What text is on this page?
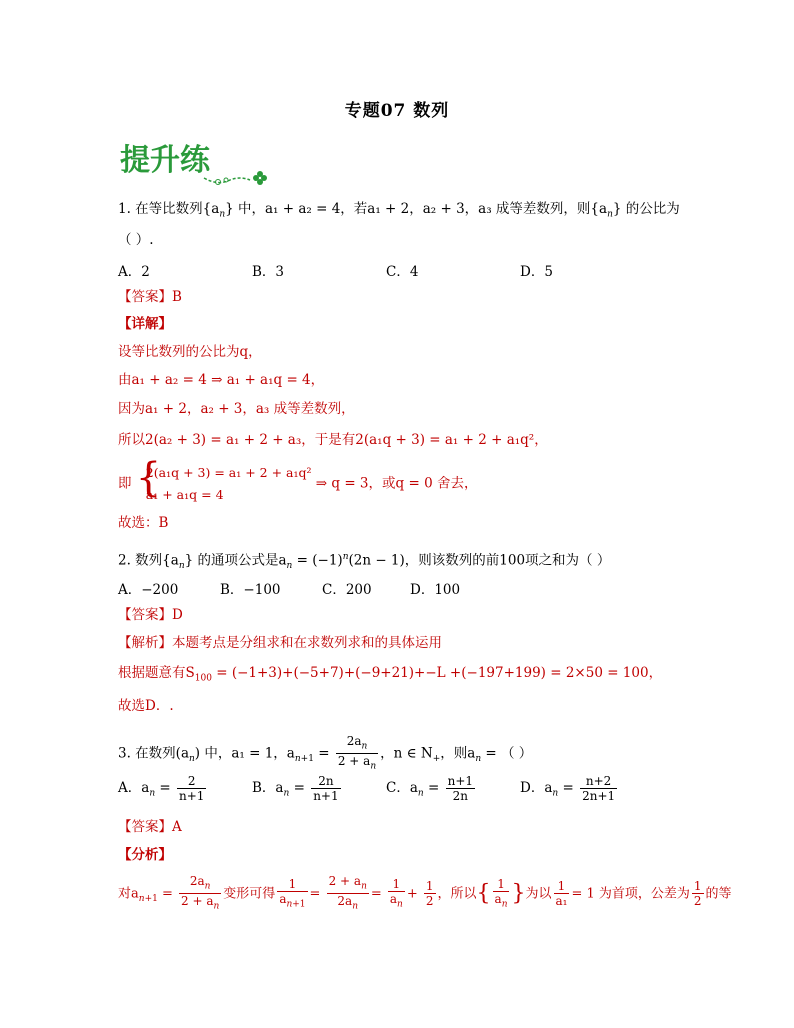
专题07 数列
提升练
1. 在等比数列$\{a_n\}$ 中，a₁ + a₂ = 4，若a₁ + 2，a₂ + 3，a₃ 成等差数列，则$\{a_n\}$ 的公比为
（ ）.
A．2	B．3	C．4	D．5
【答案】B
【详解】
设等比数列的公比为q，
由a₁ + a₂ = 4 ⇒ a₁ + a₁q = 4，
因为a₁ + 2，a₂ + 3，a₃ 成等差数列，
所以2(a₂ + 3) = a₁ + 2 + a₃，于是有2(a₁q + 3) = a₁ + 2 + a₁q²，
即 {
2(a₁q + 3) = a₁ + 2 + a₁q²
a₁ + a₁q = 4
⇒ q = 3，或q = 0 舍去，
故选：B
2. 数列$\{a_n\}$ 的通项公式是$a_n = (-1)^n(2n - 1)$，则该数列的前100项之和为（ ）
A．−200	B．−100	C．200	D．100
【答案】D
【解析】本题考点是分组求和在求数列求和的具体运用
根据题意有$S_{100} = (-1+3)+(-5+7)+(-9+21)+-L +(-197+199) = 2\times 50 = 100$，
故选D．.
3. 在数列$(a_n)$ 中，a₁ = 1，$a_{n+1} = \frac{2a_n}{2 + a_n}$ ，n ∈ $N_+$，则$a_n$ = （ ）
A．$a_n = \frac{2}{n+1}$	B．$a_n = \frac{2n}{n+1}$	C．$a_n = \frac{n+1}{2n}$	D．$a_n = \frac{n+2}{2n+1}$
【答案】A
【分析】
对$a_{n+1} = \frac{2a_n}{2 + a_n}$ 变形可得 $\frac{1}{a_{n+1}} = \frac{2 + a_n}{2a_n} = \frac{1}{a_n} + \frac{1}{2}$ ，所以{ $\frac{1}{a_n}$ }为以 $\frac{1}{\text{a₁}} = 1$ 为首项，公差为 $\frac{1}{2}$ 的等
